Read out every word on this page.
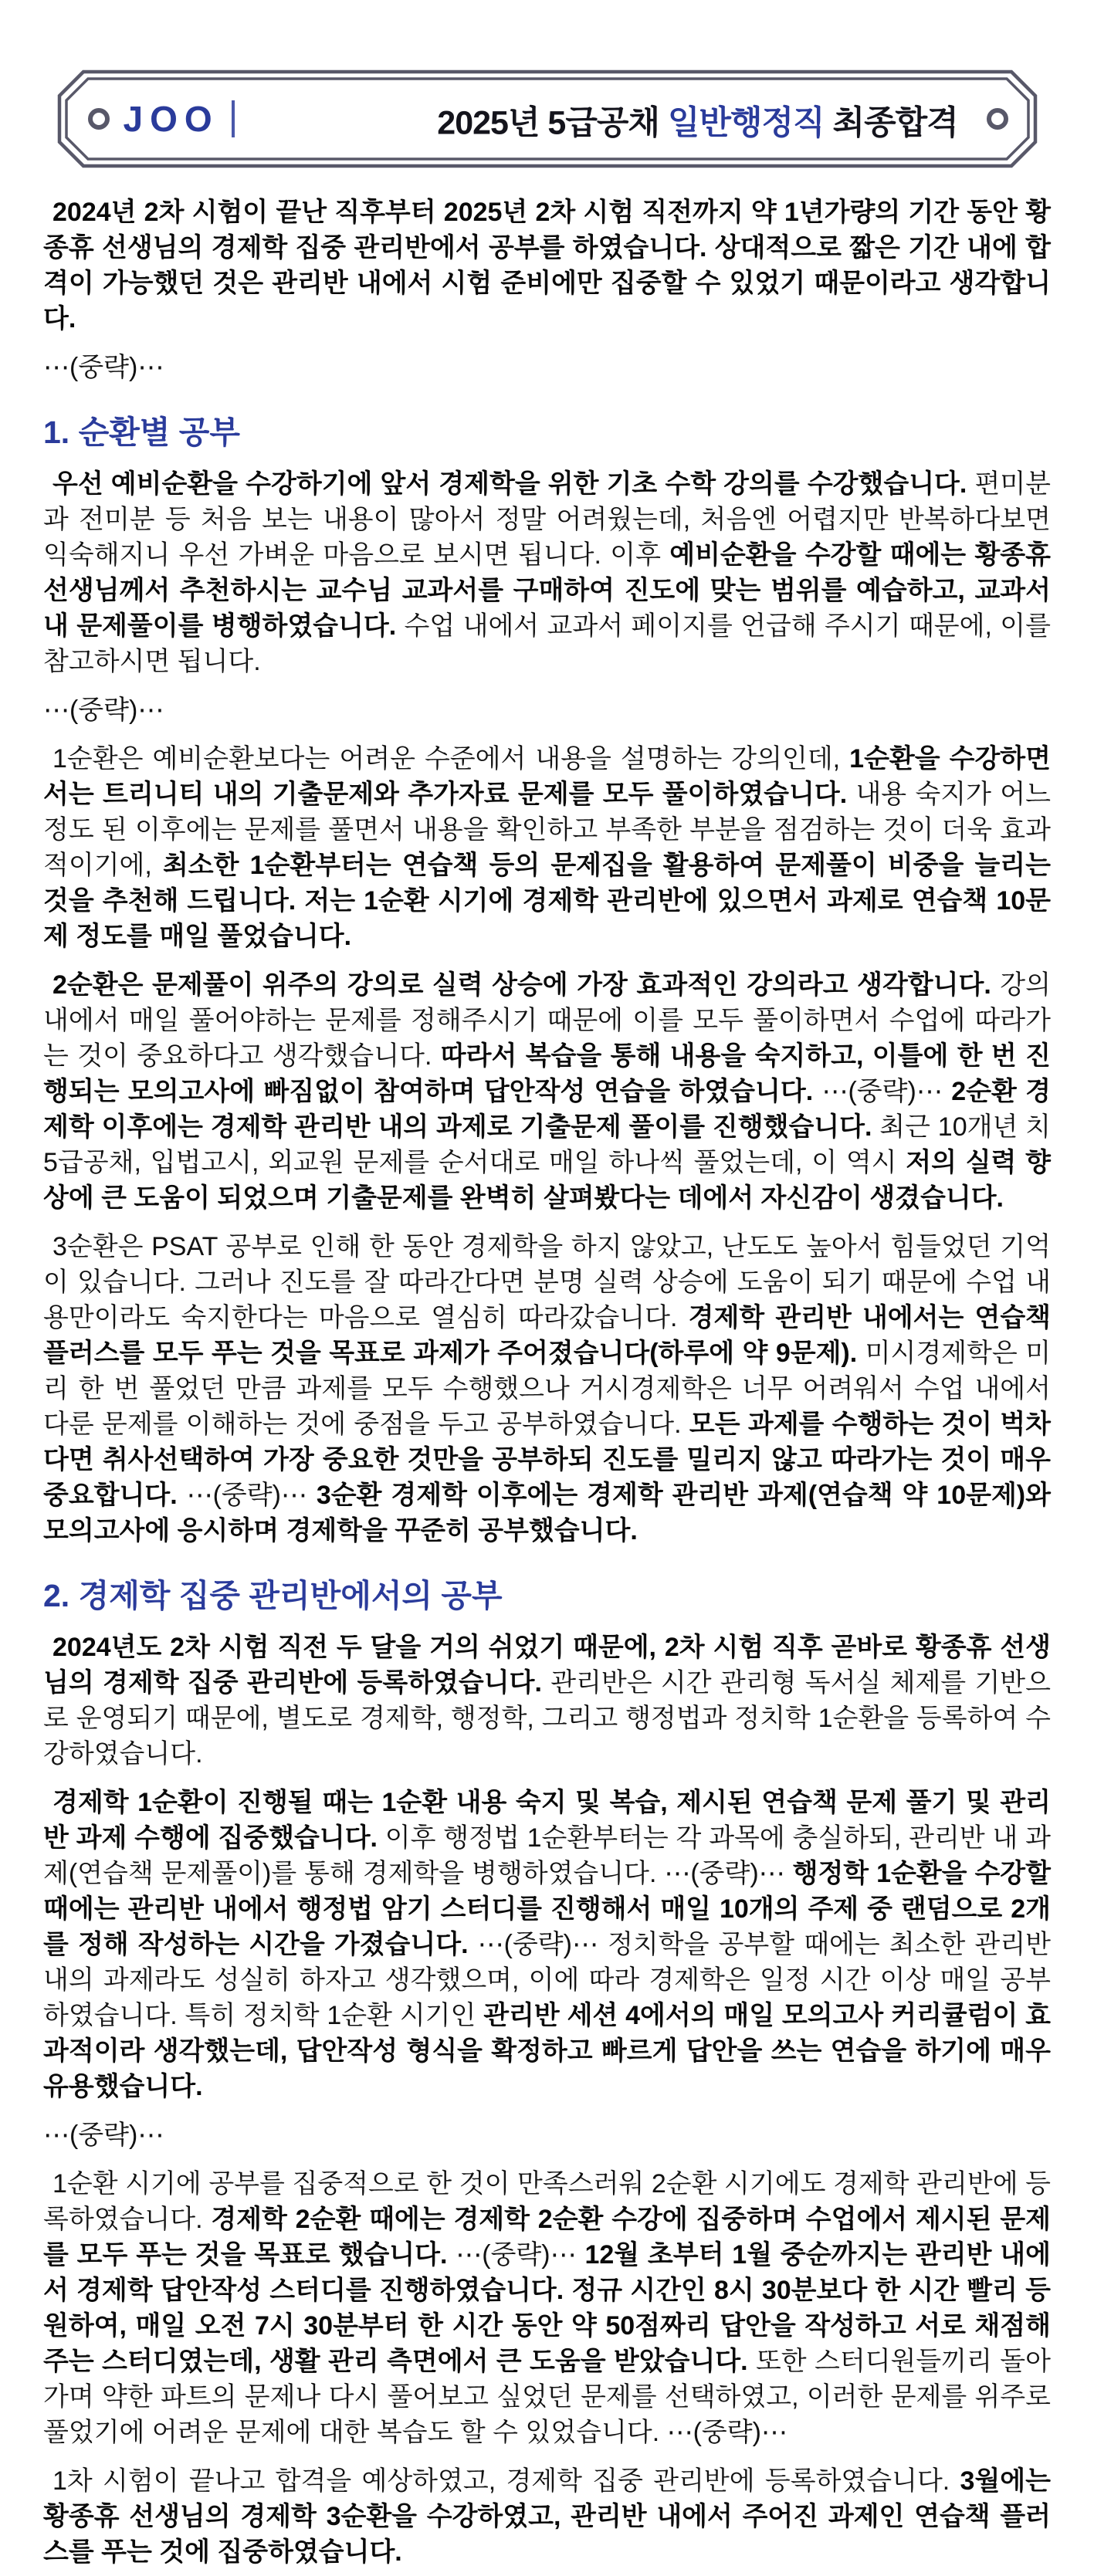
JOO	2025년 5급공채 일반행정직 최종합격

2024년 2차 시험이 끝난 직후부터 2025년 2차 시험 직전까지 약 1년가량의 기간 동안 황종휴 선생님의 경제학 집중 관리반에서 공부를 하였습니다. 상대적으로 짧은 기간 내에 합격이 가능했던 것은 관리반 내에서 시험 준비에만 집중할 수 있었기 때문이라고 생각합니다.

⋯(중략)⋯

1. 순환별 공부

우선 예비순환을 수강하기에 앞서 경제학을 위한 기초 수학 강의를 수강했습니다. 편미분과 전미분 등 처음 보는 내용이 많아서 정말 어려웠는데, 처음엔 어렵지만 반복하다보면 익숙해지니 우선 가벼운 마음으로 보시면 됩니다. 이후 예비순환을 수강할 때에는 황종휴 선생님께서 추천하시는 교수님 교과서를 구매하여 진도에 맞는 범위를 예습하고, 교과서 내 문제풀이를 병행하였습니다. 수업 내에서 교과서 페이지를 언급해 주시기 때문에, 이를 참고하시면 됩니다.

⋯(중략)⋯

1순환은 예비순환보다는 어려운 수준에서 내용을 설명하는 강의인데, 1순환을 수강하면서는 트리니티 내의 기출문제와 추가자료 문제를 모두 풀이하였습니다. 내용 숙지가 어느 정도 된 이후에는 문제를 풀면서 내용을 확인하고 부족한 부분을 점검하는 것이 더욱 효과적이기에, 최소한 1순환부터는 연습책 등의 문제집을 활용하여 문제풀이 비중을 늘리는 것을 추천해 드립니다. 저는 1순환 시기에 경제학 관리반에 있으면서 과제로 연습책 10문제 정도를 매일 풀었습니다.

2순환은 문제풀이 위주의 강의로 실력 상승에 가장 효과적인 강의라고 생각합니다. 강의 내에서 매일 풀어야하는 문제를 정해주시기 때문에 이를 모두 풀이하면서 수업에 따라가는 것이 중요하다고 생각했습니다. 따라서 복습을 통해 내용을 숙지하고, 이틀에 한 번 진행되는 모의고사에 빠짐없이 참여하며 답안작성 연습을 하였습니다. ⋯(중략)⋯ 2순환 경제학 이후에는 경제학 관리반 내의 과제로 기출문제 풀이를 진행했습니다. 최근 10개년 치 5급공채, 입법고시, 외교원 문제를 순서대로 매일 하나씩 풀었는데, 이 역시 저의 실력 향상에 큰 도움이 되었으며 기출문제를 완벽히 살펴봤다는 데에서 자신감이 생겼습니다.

3순환은 PSAT 공부로 인해 한 동안 경제학을 하지 않았고, 난도도 높아서 힘들었던 기억이 있습니다. 그러나 진도를 잘 따라간다면 분명 실력 상승에 도움이 되기 때문에 수업 내용만이라도 숙지한다는 마음으로 열심히 따라갔습니다. 경제학 관리반 내에서는 연습책 플러스를 모두 푸는 것을 목표로 과제가 주어졌습니다(하루에 약 9문제). 미시경제학은 미리 한 번 풀었던 만큼 과제를 모두 수행했으나 거시경제학은 너무 어려워서 수업 내에서 다룬 문제를 이해하는 것에 중점을 두고 공부하였습니다. 모든 과제를 수행하는 것이 벅차다면 취사선택하여 가장 중요한 것만을 공부하되 진도를 밀리지 않고 따라가는 것이 매우 중요합니다. ⋯(중략)⋯ 3순환 경제학 이후에는 경제학 관리반 과제(연습책 약 10문제)와 모의고사에 응시하며 경제학을 꾸준히 공부했습니다.

2. 경제학 집중 관리반에서의 공부

2024년도 2차 시험 직전 두 달을 거의 쉬었기 때문에, 2차 시험 직후 곧바로 황종휴 선생님의 경제학 집중 관리반에 등록하였습니다. 관리반은 시간 관리형 독서실 체제를 기반으로 운영되기 때문에, 별도로 경제학, 행정학, 그리고 행정법과 정치학 1순환을 등록하여 수강하였습니다.

경제학 1순환이 진행될 때는 1순환 내용 숙지 및 복습, 제시된 연습책 문제 풀기 및 관리반 과제 수행에 집중했습니다. 이후 행정법 1순환부터는 각 과목에 충실하되, 관리반 내 과제(연습책 문제풀이)를 통해 경제학을 병행하였습니다. ⋯(중략)⋯ 행정학 1순환을 수강할 때에는 관리반 내에서 행정법 암기 스터디를 진행해서 매일 10개의 주제 중 랜덤으로 2개를 정해 작성하는 시간을 가졌습니다. ⋯(중략)⋯ 정치학을 공부할 때에는 최소한 관리반 내의 과제라도 성실히 하자고 생각했으며, 이에 따라 경제학은 일정 시간 이상 매일 공부하였습니다. 특히 정치학 1순환 시기인 관리반 세션 4에서의 매일 모의고사 커리큘럼이 효과적이라 생각했는데, 답안작성 형식을 확정하고 빠르게 답안을 쓰는 연습을 하기에 매우 유용했습니다.

⋯(중략)⋯

1순환 시기에 공부를 집중적으로 한 것이 만족스러워 2순환 시기에도 경제학 관리반에 등록하였습니다. 경제학 2순환 때에는 경제학 2순환 수강에 집중하며 수업에서 제시된 문제를 모두 푸는 것을 목표로 했습니다. ⋯(중략)⋯ 12월 초부터 1월 중순까지는 관리반 내에서 경제학 답안작성 스터디를 진행하였습니다. 정규 시간인 8시 30분보다 한 시간 빨리 등원하여, 매일 오전 7시 30분부터 한 시간 동안 약 50점짜리 답안을 작성하고 서로 채점해 주는 스터디였는데, 생활 관리 측면에서 큰 도움을 받았습니다. 또한 스터디원들끼리 돌아가며 약한 파트의 문제나 다시 풀어보고 싶었던 문제를 선택하였고, 이러한 문제를 위주로 풀었기에 어려운 문제에 대한 복습도 할 수 있었습니다. ⋯(중략)⋯

1차 시험이 끝나고 합격을 예상하였고, 경제학 집중 관리반에 등록하였습니다. 3월에는 황종휴 선생님의 경제학 3순환을 수강하였고, 관리반 내에서 주어진 과제인 연습책 플러스를 푸는 것에 집중하였습니다.
